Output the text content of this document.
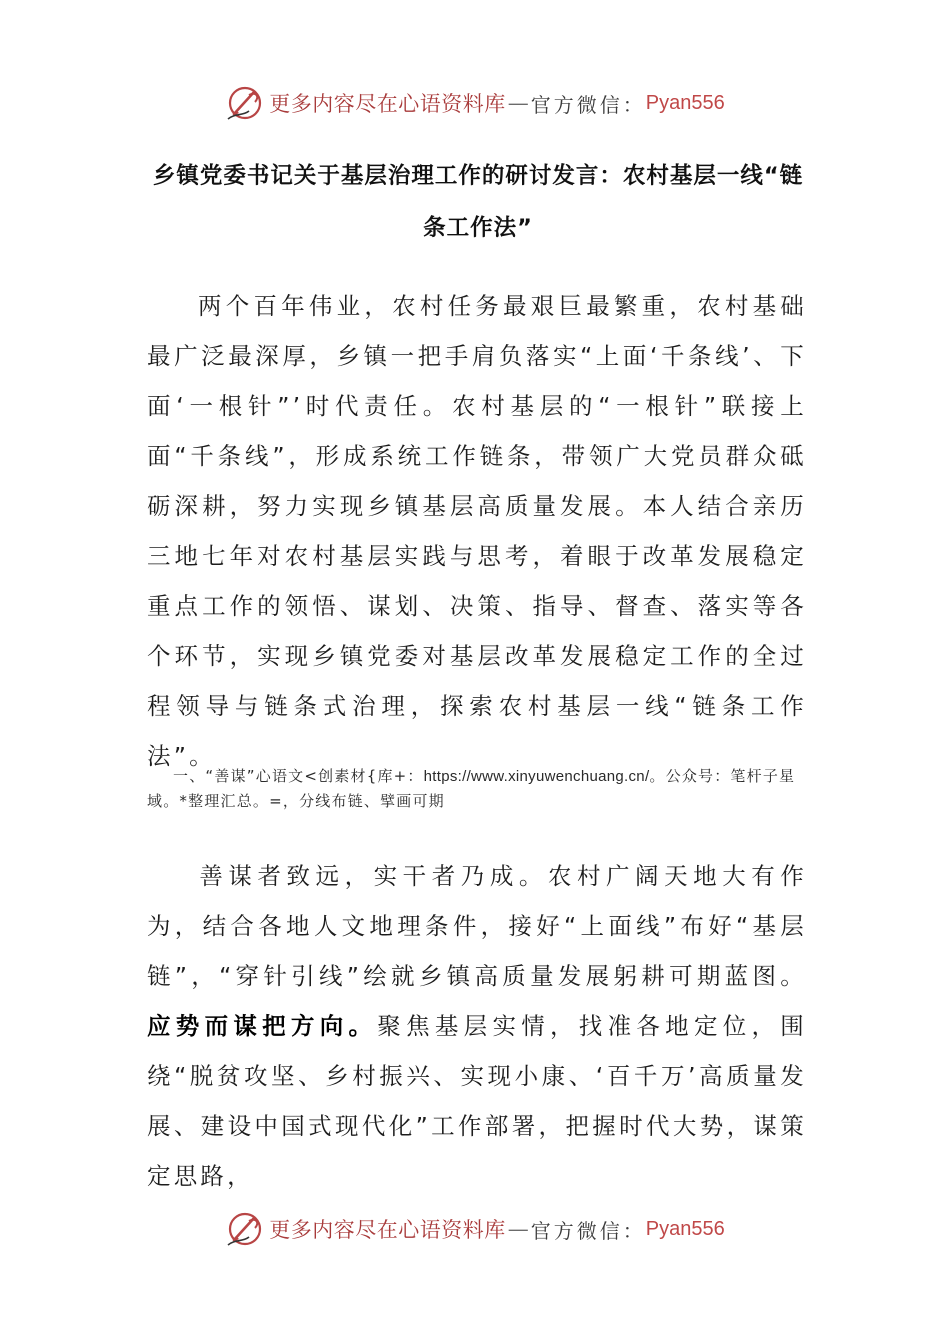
更多内容尽在心语资料库 — 官方微信： Pyan556
乡镇党委书记关于基层治理工作的研讨发言：农村基层一线“链条工作法”

两个百年伟业，农村任务最艰巨最繁重，农村基础最广泛最深厚，乡镇一把手肩负落实“上面‘千条线’、下面‘一根针”’时代责任。农村基层的“一根针”联接上面“千条线”，形成系统工作链条，带领广大党员群众砥砺深耕，努力实现乡镇基层高质量发展。本人结合亲历三地七年对农村基层实践与思考，着眼于改革发展稳定重点工作的领悟、谋划、决策、指导、督查、落实等各个环节，实现乡镇党委对基层改革发展稳定工作的全过程领导与链条式治理，探索农村基层一线“链条工作法”。

一、“善谋”心语文<创素材{库+：https://www.xinyuwenchuang.cn/。公众号：笔杆子星域。*整理汇总。=，分线布链、擘画可期

善谋者致远，实干者乃成。农村广阔天地大有作为，结合各地人文地理条件，接好“上面线”布好“基层链”，“穿针引线”绘就乡镇高质量发展躬耕可期蓝图。应势而谋把方向。聚焦基层实情，找准各地定位，围绕“脱贫攻坚、乡村振兴、实现小康、‘百千万’高质量发展、建设中国式现代化”工作部署，把握时代大势，谋策定思路，

更多内容尽在心语资料库 — 官方微信： Pyan556
